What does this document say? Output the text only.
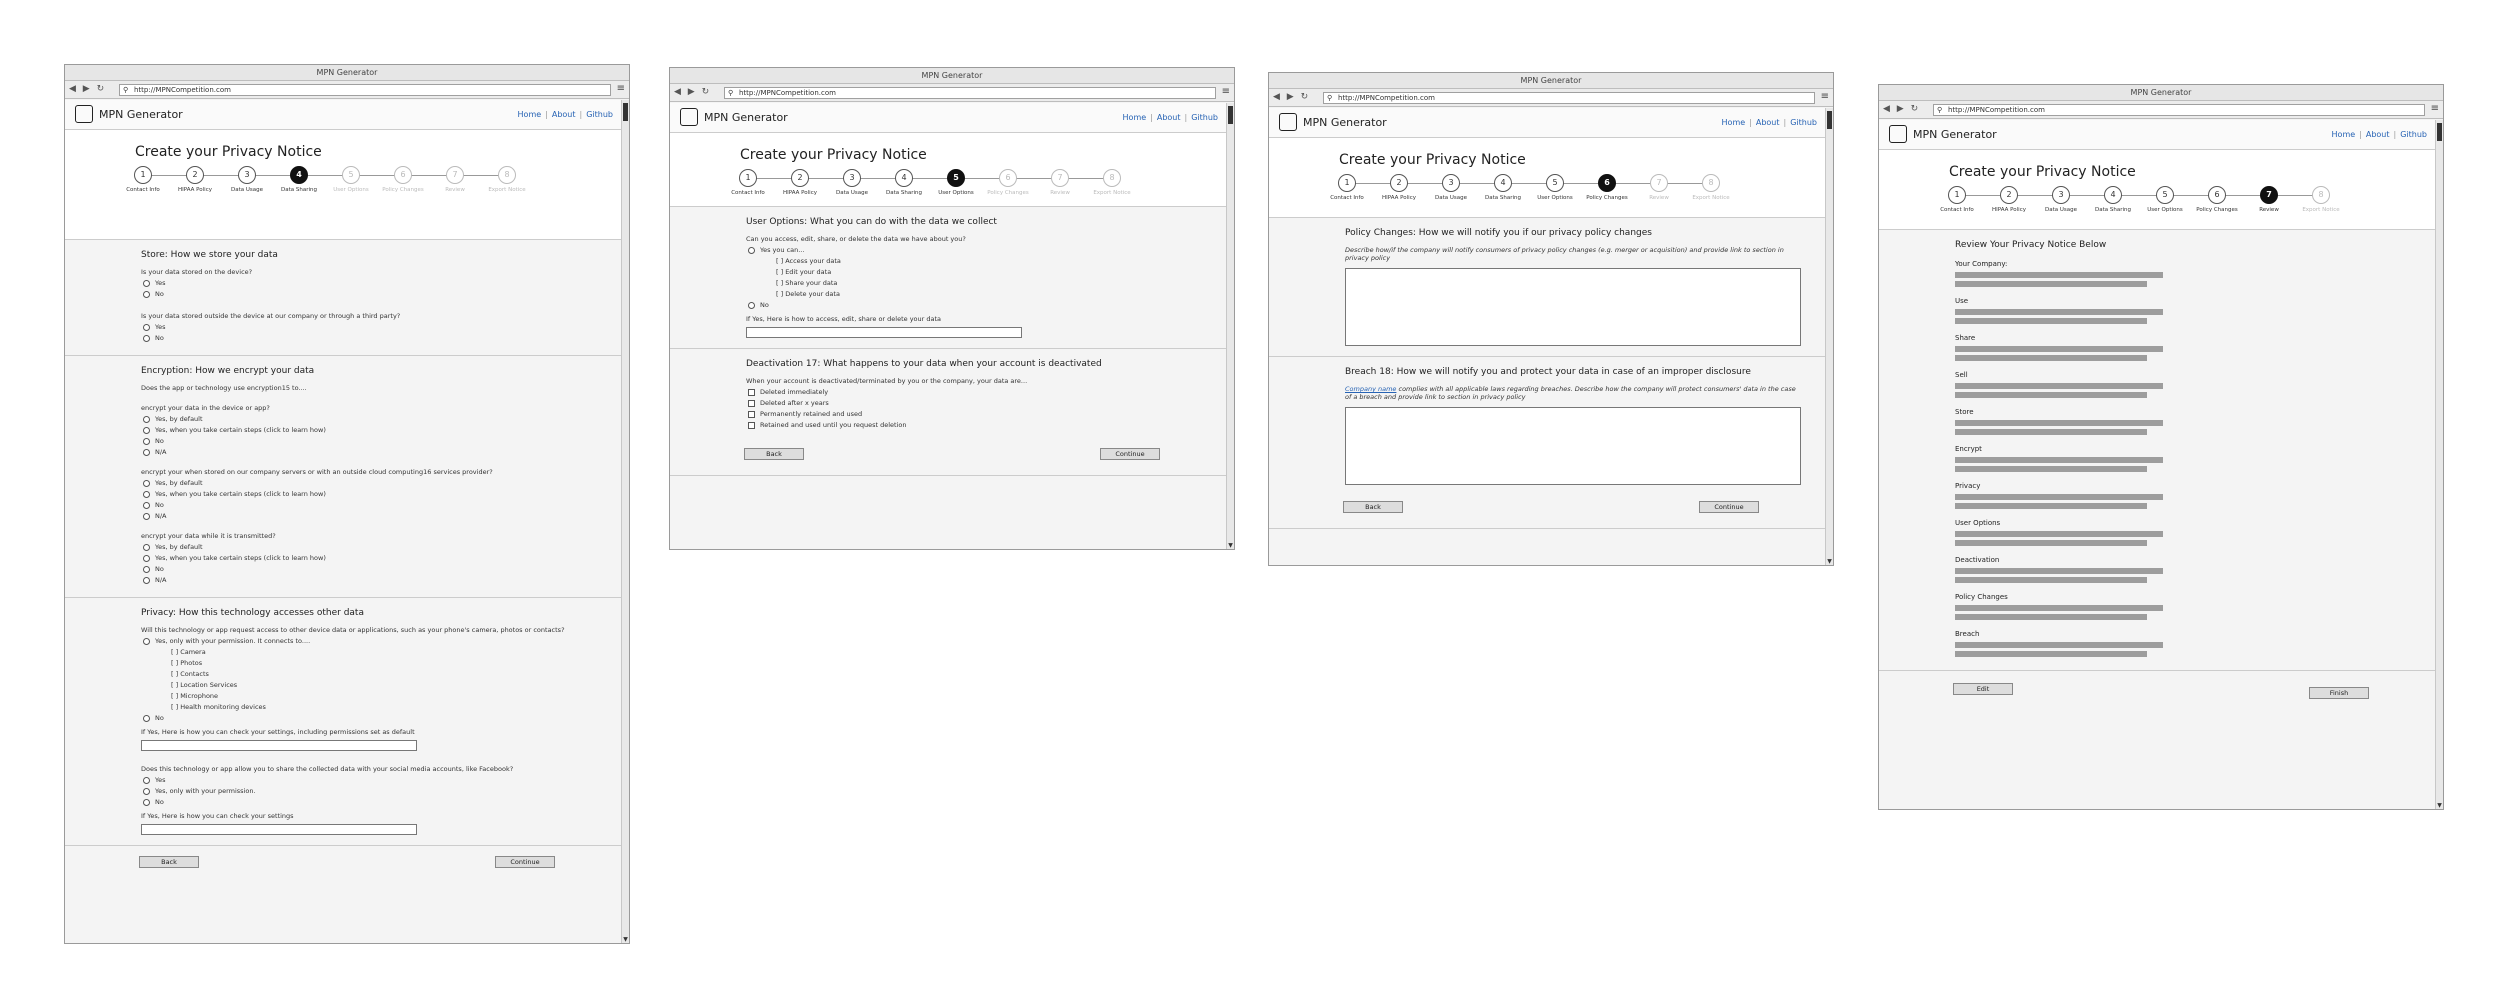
MPN Generator
◀ ▶ ↻ ⚲ http://MPNCompetition.com	≡
▼
MPN Generator	Home | About | Github
Create your Privacy Notice
1
Contact Info
2
HIPAA Policy
3
Data Usage
4
Data Sharing
5
User Options
6
Policy Changes
7
Review
8
Export Notice
Store: How we store your data
Is your data stored on the device?
Yes
No
Is your data stored outside the device at our company or through a third party?
Yes
No
Encryption: How we encrypt your data
Does the app or technology use encryption15 to....
encrypt your data in the device or app?
Yes, by default
Yes, when you take certain steps (click to learn how)
No
N/A
encrypt your when stored on our company servers or with an outside cloud computing16 services provider?
Yes, by default
Yes, when you take certain steps (click to learn how)
No
N/A
encrypt your data while it is transmitted?
Yes, by default
Yes, when you take certain steps (click to learn how)
No
N/A
Privacy: How this technology accesses other data
Will this technology or app request access to other device data or applications, such as your phone's camera, photos or contacts?
Yes, only with your permission. It connects to....
[ ] Camera
[ ] Photos
[ ] Contacts
[ ] Location Services
[ ] Microphone
[ ] Health monitoring devices
No
If Yes, Here is how you can check your settings, including permissions set as default
Does this technology or app allow you to share the collected data with your social media accounts, like Facebook?
Yes
Yes, only with your permission.
No
If Yes, Here is how you can check your settings
Back	Continue
MPN Generator
◀ ▶ ↻ ⚲ http://MPNCompetition.com	≡
▼
MPN Generator	Home | About | Github
Create your Privacy Notice
1
Contact Info
2
HIPAA Policy
3
Data Usage
4
Data Sharing
5
User Options
6
Policy Changes
7
Review
8
Export Notice
User Options: What you can do with the data we collect
Can you access, edit, share, or delete the data we have about you?
Yes you can...
[ ] Access your data
[ ] Edit your data
[ ] Share your data
[ ] Delete your data
No
If Yes, Here is how to access, edit, share or delete your data
Deactivation 17: What happens to your data when your account is deactivated
When your account is deactivated/terminated by you or the company, your data are...
Deleted immediately
Deleted after x years
Permanently retained and used
Retained and used until you request deletion
Back	Continue
MPN Generator
◀ ▶ ↻ ⚲ http://MPNCompetition.com	≡
▼
MPN Generator	Home | About | Github
Create your Privacy Notice
1
Contact Info
2
HIPAA Policy
3
Data Usage
4
Data Sharing
5
User Options
6
Policy Changes
7
Review
8
Export Notice
Policy Changes: How we will notify you if our privacy policy changes
Describe how/if the company will notify consumers of privacy policy changes (e.g. merger or acquisition) and provide link to section in privacy policy
Breach 18: How we will notify you and protect your data in case of an improper disclosure
Company name complies with all applicable laws regarding breaches. Describe how the company will protect consumers' data in the case of a breach and provide link to section in privacy policy
Back	Continue
MPN Generator
◀ ▶ ↻ ⚲ http://MPNCompetition.com	≡
▼
MPN Generator	Home | About | Github
Create your Privacy Notice
1
Contact Info
2
HIPAA Policy
3
Data Usage
4
Data Sharing
5
User Options
6
Policy Changes
7
Review
8
Export Notice
Review Your Privacy Notice Below
Your Company:
Use
Share
Sell
Store
Encrypt
Privacy
User Options
Deactivation
Policy Changes
Breach
Edit	Finish
